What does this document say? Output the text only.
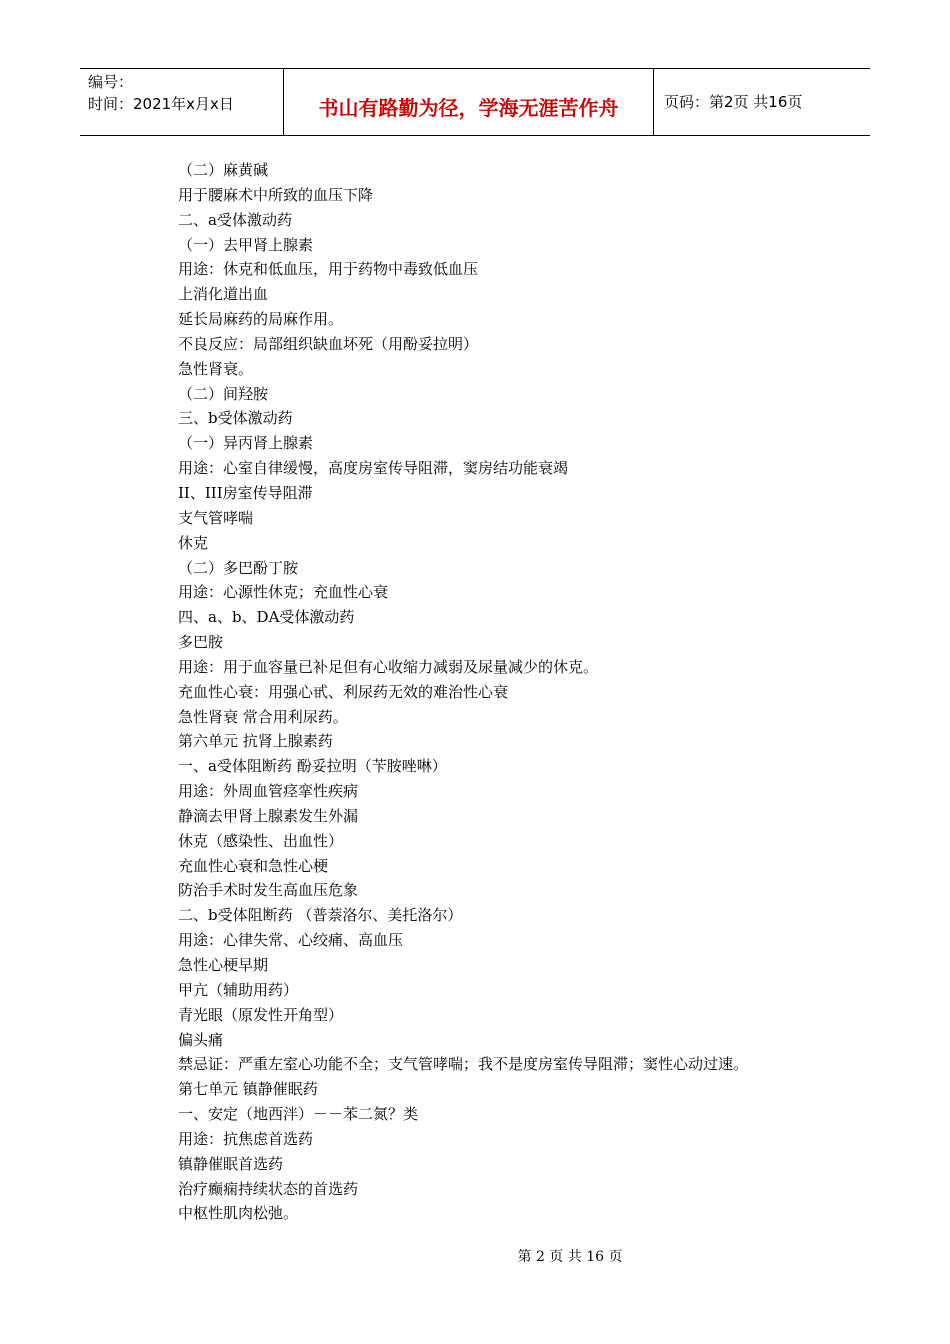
编号：
时间：2021年x月x日	书山有路勤为径，学海无涯苦作舟	页码：第2页 共16页
（二）麻黄碱
用于腰麻术中所致的血压下降
二、a受体激动药
（一）去甲肾上腺素
用途：休克和低血压，用于药物中毒致低血压
上消化道出血
延长局麻药的局麻作用。
不良反应：局部组织缺血坏死（用酚妥拉明）
急性肾衰。
（二）间羟胺
三、b受体激动药
（一）异丙肾上腺素
用途：心室自律缓慢，高度房室传导阻滞，窦房结功能衰竭
II、III房室传导阻滞
支气管哮喘
休克
（二）多巴酚丁胺
用途：心源性休克；充血性心衰
四、a、b、DA受体激动药
多巴胺
用途：用于血容量已补足但有心收缩力减弱及尿量减少的休克。
充血性心衰：用强心甙、利尿药无效的难治性心衰
急性肾衰 常合用利尿药。
第六单元 抗肾上腺素药
一、a受体阻断药 酚妥拉明（苄胺唑啉）
用途：外周血管痉挛性疾病
静滴去甲肾上腺素发生外漏
休克（感染性、出血性）
充血性心衰和急性心梗
防治手术时发生高血压危象
二、b受体阻断药 （普萘洛尔、美托洛尔）
用途：心律失常、心绞痛、高血压
急性心梗早期
甲亢（辅助用药）
青光眼（原发性开角型）
偏头痛
禁忌证：严重左室心功能不全；支气管哮喘；我不是度房室传导阻滞；窦性心动过速。
第七单元 镇静催眠药
一、安定（地西泮）－－苯二氮？类
用途：抗焦虑首选药
镇静催眠首选药
治疗癫痫持续状态的首选药
中枢性肌肉松弛。
第 2 页 共 16 页
